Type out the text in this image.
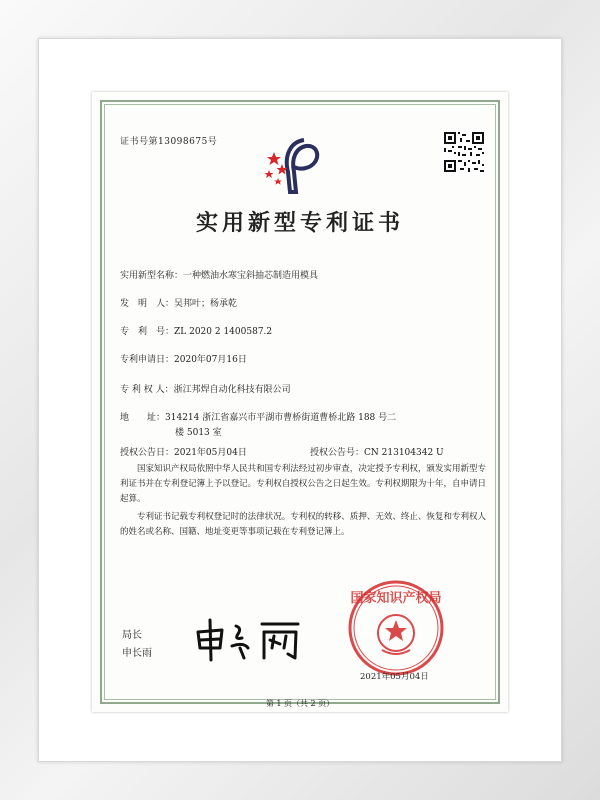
证书号第13098675号
实用新型专利证书
实用新型名称：一种燃油水寒宝斜抽芯制造用模具
发　明　人：吴邦叶；杨承乾
专　利　号：ZL 2020 2 1400587.2
专利申请日：2020年07月16日
专 利 权 人：浙江邦焊自动化科技有限公司
地　　址：314214 浙江省嘉兴市平湖市曹桥街道曹桥北路 188 号二
楼 5013 室
授权公告日：2021年05月04日	授权公告号：CN 213104342 U
国家知识产权局依照中华人民共和国专利法经过初步审查，决定授予专利权，颁发实用新型专利证书并在专利登记簿上予以登记。专利权自授权公告之日起生效。专利权期限为十年，自申请日起算。
专利证书记载专利权登记时的法律状况。专利权的转移、质押、无效、终止、恢复和专利权人的姓名或名称、国籍、地址变更等事项记载在专利登记簿上。
局长
申长雨
国家知识产权局
2021年05月04日
第 1 页（共 2 页）
